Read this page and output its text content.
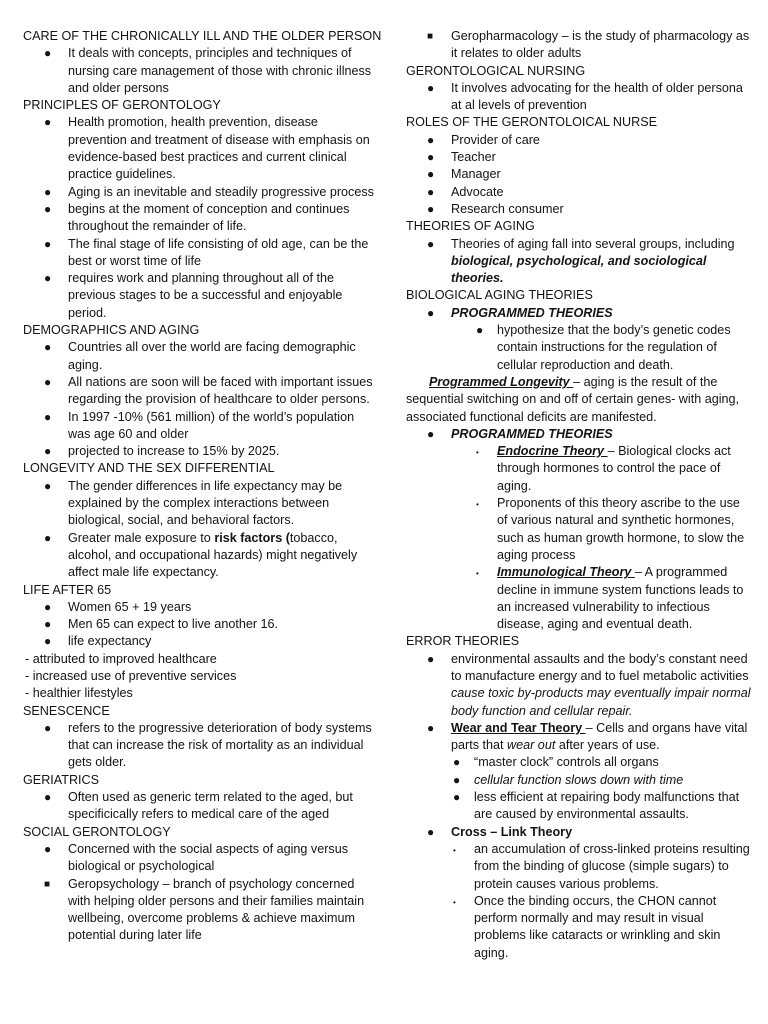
CARE OF THE CHRONICALLY ILL AND THE OLDER PERSON
● It deals with concepts, principles and techniques of nursing care management of those with chronic illness and older persons
PRINCIPLES OF GERONTOLOGY
● Health promotion, health prevention, disease prevention and treatment of disease with emphasis on evidence-based best practices and current clinical practice guidelines.
● Aging is an inevitable and steadily progressive process
● begins at the moment of conception and continues throughout the remainder of life.
● The final stage of life consisting of old age, can be the best or worst time of life
● requires work and planning throughout all of the previous stages to be a successful and enjoyable period.
DEMOGRAPHICS AND AGING
● Countries all over the world are facing demographic aging.
● All nations are soon will be faced with important issues regarding the provision of healthcare to older persons.
● In 1997 -10% (561 million) of the world’s population was age 60 and older
● projected to increase to 15% by 2025.
LONGEVITY AND THE SEX DIFFERENTIAL
● The gender differences in life expectancy may be explained by the complex interactions between biological, social, and behavioral factors.
● Greater male exposure to risk factors (tobacco, alcohol, and occupational hazards) might negatively affect male life expectancy.
LIFE AFTER 65
● Women 65 + 19 years
● Men 65 can expect to live another 16.
● life expectancy
- attributed to improved healthcare
- increased use of preventive services
- healthier lifestyles
SENESCENCE
● refers to the progressive deterioration of body systems that can increase the risk of mortality as an individual gets older.
GERIATRICS
● Often used as generic term related to the aged, but specificically refers to medical care of the aged
SOCIAL GERONTOLOGY
● Concerned with the social aspects of aging versus biological or psychological
■ Geropsychology – branch of psychology concerned with helping older persons and their families maintain wellbeing, overcome problems & achieve maximum potential during later life
■ Geropharmacology – is the study of pharmacology as it relates to older adults
GERONTOLOGICAL NURSING
● It involves advocating for the health of older persona at al levels of prevention
ROLES OF THE GERONTOLOICAL NURSE
● Provider of care
● Teacher
● Manager
● Advocate
● Research consumer
THEORIES OF AGING
● Theories of aging fall into several groups, including biological, psychological, and sociological theories.
BIOLOGICAL AGING THEORIES
● PROGRAMMED THEORIES
● hypothesize that the body’s genetic codes contain instructions for the regulation of cellular reproduction and death.
Programmed Longevity – aging is the result of the sequential switching on and off of certain genes- with aging, associated functional deficits are manifested.
● PROGRAMMED THEORIES
• Endocrine Theory – Biological clocks act through hormones to control the pace of aging.
• Proponents of this theory ascribe to the use of various natural and synthetic hormones, such as human growth hormone, to slow the aging process
• Immunological Theory – A programmed decline in immune system functions leads to an increased vulnerability to infectious disease, aging and eventual death.
ERROR THEORIES
● environmental assaults and the body’s constant need to manufacture energy and to fuel metabolic activities cause toxic by-products may eventually impair normal body function and cellular repair.
● Wear and Tear Theory – Cells and organs have vital parts that wear out after years of use.
● “master clock” controls all organs
● cellular function slows down with time
● less efficient at repairing body malfunctions that are caused by environmental assaults.
● Cross – Link Theory
• an accumulation of cross-linked proteins resulting from the binding of glucose (simple sugars) to protein causes various problems.
• Once the binding occurs, the CHON cannot perform normally and may result in visual problems like cataracts or wrinkling and skin aging.
